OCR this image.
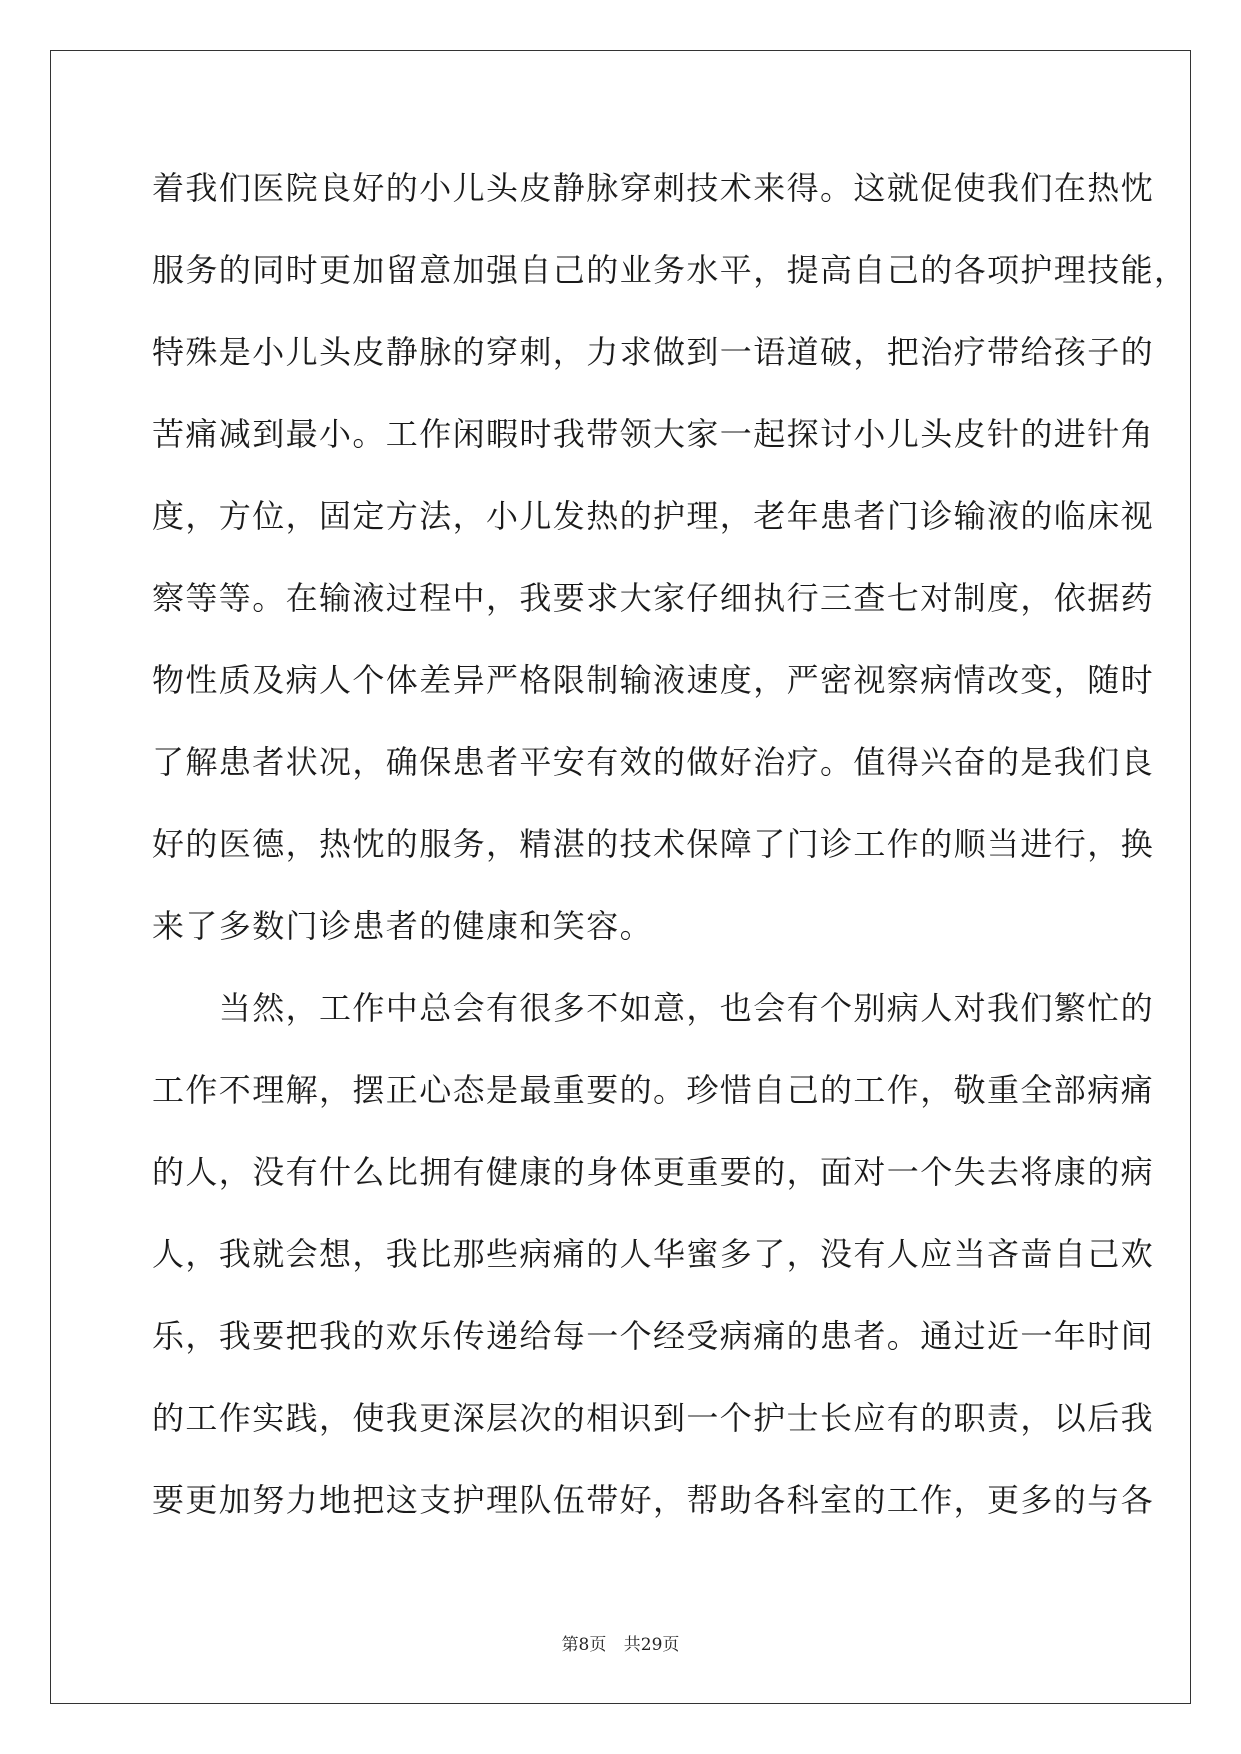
着我们医院良好的小儿头皮静脉穿刺技术来得。这就促使我们在热忱
服务的同时更加留意加强自己的业务水平，提高自己的各项护理技能，
特殊是小儿头皮静脉的穿刺，力求做到一语道破，把治疗带给孩子的
苦痛减到最小。工作闲暇时我带领大家一起探讨小儿头皮针的进针角
度，方位，固定方法，小儿发热的护理，老年患者门诊输液的临床视
察等等。在输液过程中，我要求大家仔细执行三查七对制度，依据药
物性质及病人个体差异严格限制输液速度，严密视察病情改变，随时
了解患者状况，确保患者平安有效的做好治疗。值得兴奋的是我们良
好的医德，热忱的服务，精湛的技术保障了门诊工作的顺当进行，换
来了多数门诊患者的健康和笑容。
　　当然，工作中总会有很多不如意，也会有个别病人对我们繁忙的
工作不理解，摆正心态是最重要的。珍惜自己的工作，敬重全部病痛
的人，没有什么比拥有健康的身体更重要的，面对一个失去将康的病
人，我就会想，我比那些病痛的人华蜜多了，没有人应当吝啬自己欢
乐，我要把我的欢乐传递给每一个经受病痛的患者。通过近一年时间
的工作实践，使我更深层次的相识到一个护士长应有的职责，以后我
要更加努力地把这支护理队伍带好，帮助各科室的工作，更多的与各
第8页 共29页
